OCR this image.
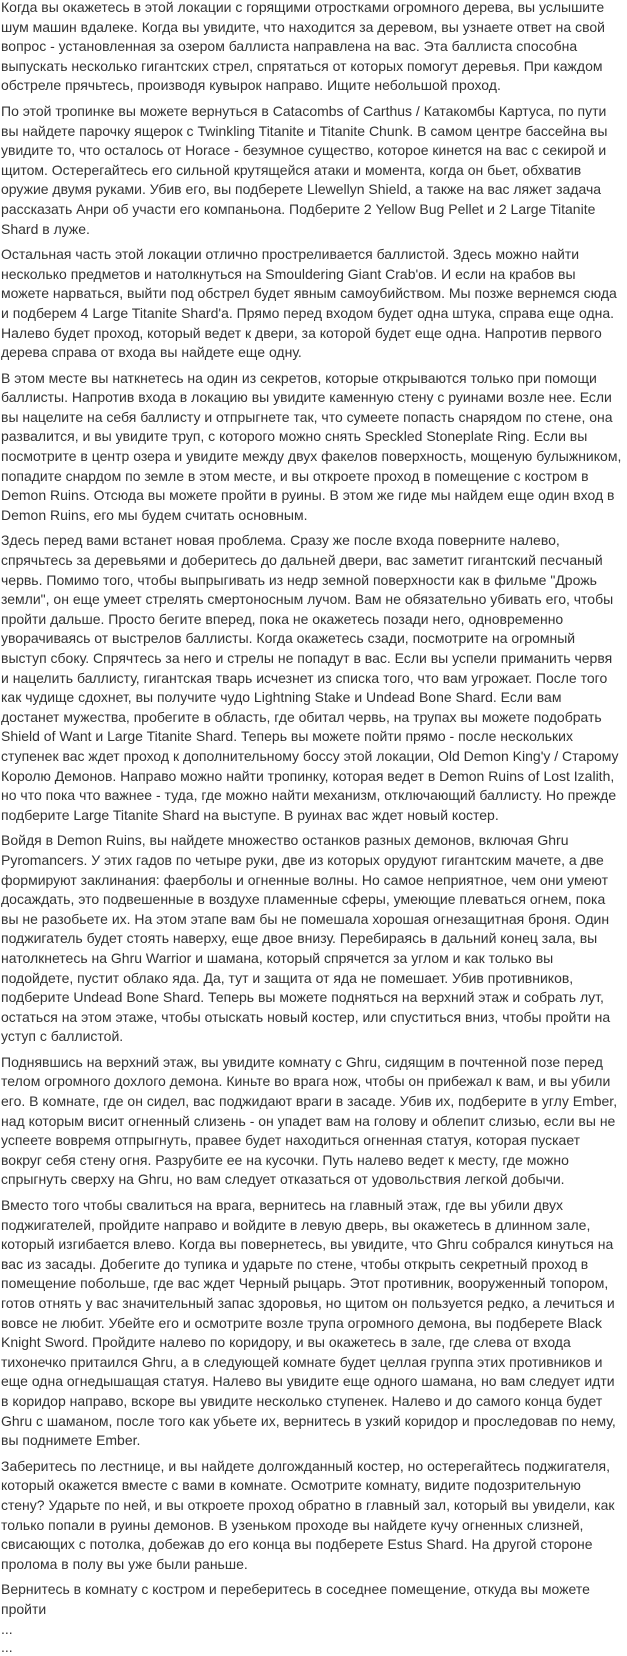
Когда вы окажетесь в этой локации с горящими отростками огромного дерева, вы услышите шум машин вдалеке. Когда вы увидите, что находится за деревом, вы узнаете ответ на свой вопрос - установленная за озером баллиста направлена на вас. Эта баллиста способна выпускать несколько гигантских стрел, спрятаться от которых помогут деревья. При каждом обстреле прячьтесь, производя кувырок направо. Ищите небольшой проход.

По этой тропинке вы можете вернуться в Catacombs of Carthus / Катакомбы Картуса, по пути вы найдете парочку ящерок с Twinkling Titanite и Titanite Chunk. В самом центре бассейна вы увидите то, что осталось от Horace - безумное существо, которое кинется на вас с секирой и щитом. Остерегайтесь его сильной крутящейся атаки и момента, когда он бьет, обхватив оружие двумя руками. Убив его, вы подберете Llewellyn Shield, а также на вас ляжет задача рассказать Анри об участи его компаньона. Подберите 2 Yellow Bug Pellet и 2 Large Titanite Shard в луже.

Остальная часть этой локации отлично простреливается баллистой. Здесь можно найти несколько предметов и натолкнуться на Smouldering Giant Crab'ов. И если на крабов вы можете нарваться, выйти под обстрел будет явным самоубийством. Мы позже вернемся сюда и подберем 4 Large Titanite Shard'а. Прямо перед входом будет одна штука, справа еще одна. Налево будет проход, который ведет к двери, за которой будет еще одна. Напротив первого дерева справа от входа вы найдете еще одну.

В этом месте вы наткнетесь на один из секретов, которые открываются только при помощи баллисты. Напротив входа в локацию вы увидите каменную стену с руинами возле нее. Если вы нацелите на себя баллисту и отпрыгнете так, что сумеете попасть снарядом по стене, она развалится, и вы увидите труп, с которого можно снять Speckled Stoneplate Ring. Если вы посмотрите в центр озера и увидите между двух факелов поверхность, мощеную булыжником, попадите снардом по земле в этом месте, и вы откроете проход в помещение с костром в Demon Ruins. Отсюда вы можете пройти в руины. В этом же гиде мы найдем еще один вход в Demon Ruins, его мы будем считать основным.

Здесь перед вами встанет новая проблема. Сразу же после входа поверните налево, спрячьтесь за деревьями и доберитесь до дальней двери, вас заметит гигантский песчаный червь. Помимо того, чтобы выпрыгивать из недр земной поверхности как в фильме "Дрожь земли", он еще умеет стрелять смертоносным лучом. Вам не обязательно убивать его, чтобы пройти дальше. Просто бегите вперед, пока не окажетесь позади него, одновременно уворачиваясь от выстрелов баллисты. Когда окажетесь сзади, посмотрите на огромный выступ сбоку. Спрячтесь за него и стрелы не попадут в вас. Если вы успели приманить червя и нацелить баллисту, гигантская тварь исчезнет из списка того, что вам угрожает. После того как чудище сдохнет, вы получите чудо Lightning Stake и Undead Bone Shard. Если вам достанет мужества, пробегите в область, где обитал червь, на трупах вы можете подобрать Shield of Want и Large Titanite Shard. Теперь вы можете пойти прямо - после нескольких ступенек вас ждет проход к дополнительному боссу этой локации, Old Demon King'у / Старому Королю Демонов. Направо можно найти тропинку, которая ведет в Demon Ruins of Lost Izalith, но что пока что важнее - туда, где можно найти механизм, отключающий баллисту. Но прежде подберите Large Titanite Shard на выступе. В руинах вас ждет новый костер.

Войдя в Demon Ruins, вы найдете множество останков разных демонов, включая Ghru Pyromancers. У этих гадов по четыре руки, две из которых орудуют гигантским мачете, а две формируют заклинания: фаерболы и огненные волны. Но самое неприятное, чем они умеют досаждать, это подвешенные в воздухе пламенные сферы, умеющие плеваться огнем, пока вы не разобьете их. На этом этапе вам бы не помешала хорошая огнезащитная броня. Один поджигатель будет стоять наверху, еще двое внизу. Перебираясь в дальний конец зала, вы натолкнетесь на Ghru Warrior и шамана, который спрячется за углом и как только вы подойдете, пустит облако яда. Да, тут и защита от яда не помешает. Убив противников, подберите Undead Bone Shard. Теперь вы можете подняться на верхний этаж и собрать лут, остаться на этом этаже, чтобы отыскать новый костер, или спуститься вниз, чтобы пройти на уступ с баллистой.

Поднявшись на верхний этаж, вы увидите комнату с Ghru, сидящим в почтенной позе перед телом огромного дохлого демона. Киньте во врага нож, чтобы он прибежал к вам, и вы убили его. В комнате, где он сидел, вас поджидают враги в засаде. Убив их, подберите в углу Ember, над которым висит огненный слизень - он упадет вам на голову и облепит слизью, если вы не успеете вовремя отпрыгнуть, правее будет находиться огненная статуя, которая пускает вокруг себя стену огня. Разрубите ее на кусочки. Путь налево ведет к месту, где можно спрыгнуть сверху на Ghru, но вам следует отказаться от удовольствия легкой добычи.

Вместо того чтобы свалиться на врага, вернитесь на главный этаж, где вы убили двух поджигателей, пройдите направо и войдите в левую дверь, вы окажетесь в длинном зале, который изгибается влево. Когда вы повернетесь, вы увидите, что Ghru собрался кинуться на вас из засады. Добегите до тупика и ударьте по стене, чтобы открыть секретный проход в помещение побольше, где вас ждет Черный рыцарь. Этот противник, вооруженный топором, готов отнять у вас значительный запас здоровья, но щитом он пользуется редко, а лечиться и вовсе не любит. Убейте его и осмотрите возле трупа огромного демона, вы подберете Black Knight Sword. Пройдите налево по коридору, и вы окажетесь в зале, где слева от входа тихонечко притаился Ghru, а в следующей комнате будет целлая группа этих противников и еще одна огнедышащая статуя. Налево вы увидите еще одного шамана, но вам следует идти в коридор направо, вскоре вы увидите несколько ступенек. Налево и до самого конца будет Ghru с шаманом, после того как убьете их, вернитесь в узкий коридор и проследовав по нему, вы поднимете Ember.

Заберитесь по лестнице, и вы найдете долгожданный костер, но остерегайтесь поджигателя, который окажется вместе с вами в комнате. Осмотрите комнату, видите подозрительную стену? Ударьте по ней, и вы откроете проход обратно в главный зал, который вы увидели, как только попали в руины демонов. В узеньком проходе вы найдете кучу огненных слизней, свисающих с потолка, добежав до его конца вы подберете Estus Shard. На другой стороне пролома в полу вы уже были раньше.

Вернитесь в комнату с костром и переберитесь в соседнее помещение, откуда вы можете пройти

...

...
